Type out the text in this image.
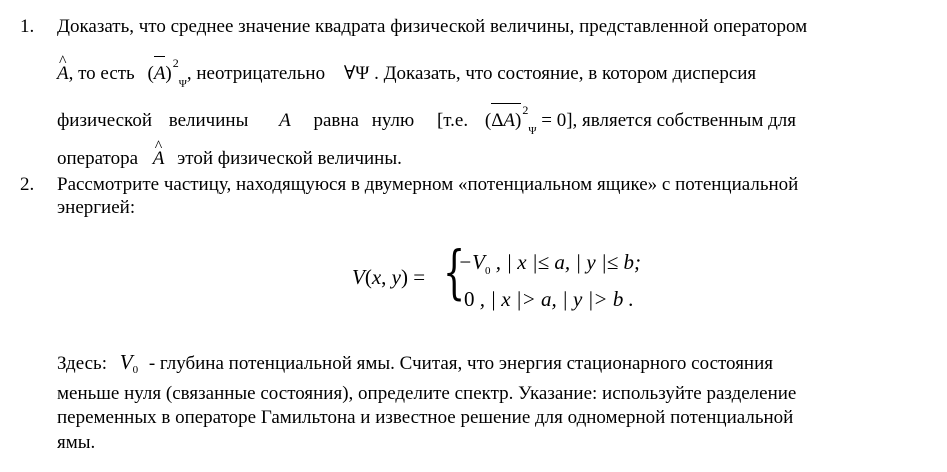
1. Доказать, что среднее значение квадрата физической величины, представленной оператором
^ A, то есть $(A)^2_\Psi$, неотрицательно ∀Ψ . Доказать, что состояние, в котором дисперсия
физической величины A равна нулю [т.е. $(\Delta A)^2_\Psi = 0$], является собственным для
оператора ^ A этой физической величины.
2. Рассмотрите частицу, находящуюся в двумерном «потенциальном ящике» с потенциальной
энергией:
V(x, y) = {
$-V_0$ , | x |≤ a, | y |≤ b;
0 , | x |> a, | y |> b .
Здесь: $V_0$ - глубина потенциальной ямы. Считая, что энергия стационарного состояния
меньше нуля (связанные состояния), определите спектр. Указание: используйте разделение
переменных в операторе Гамильтона и известное решение для одномерной потенциальной
ямы.
